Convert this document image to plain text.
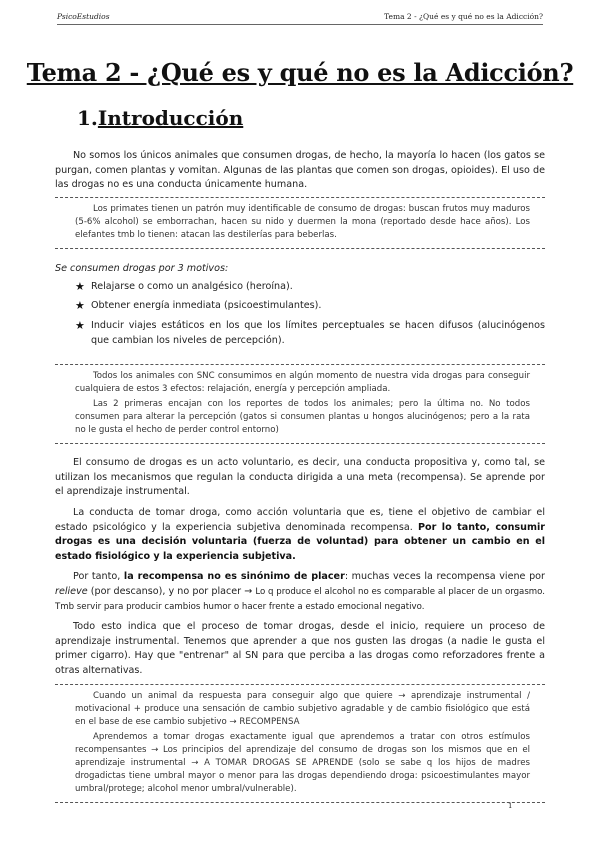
PsicoEstudios	Tema 2 - ¿Qué es y qué no es la Adicción?
Tema 2 - ¿Qué es y qué no es la Adicción?
1.Introducción

No somos los únicos animales que consumen drogas, de hecho, la mayoría lo hacen (los gatos se purgan, comen plantas y vomitan. Algunas de las plantas que comen son drogas, opioides). El uso de las drogas no es una conducta únicamente humana.

Los primates tienen un patrón muy identificable de consumo de drogas: buscan frutos muy maduros (5-6% alcohol) se emborrachan, hacen su nido y duermen la mona (reportado desde hace años). Los elefantes tmb lo tienen: atacan las destilerías para beberlas.

Se consumen drogas por 3 motivos:
★ Relajarse o como un analgésico (heroína).
★ Obtener energía inmediata (psicoestimulantes).
★ Inducir viajes estáticos en los que los límites perceptuales se hacen difusos (alucinógenos que cambian los niveles de percepción).

Todos los animales con SNC consumimos en algún momento de nuestra vida drogas para conseguir cualquiera de estos 3 efectos: relajación, energía y percepción ampliada.

Las 2 primeras encajan con los reportes de todos los animales; pero la última no. No todos consumen para alterar la percepción (gatos si consumen plantas u hongos alucinógenos; pero a la rata no le gusta el hecho de perder control entorno)

El consumo de drogas es un acto voluntario, es decir, una conducta propositiva y, como tal, se utilizan los mecanismos que regulan la conducta dirigida a una meta (recompensa). Se aprende por el aprendizaje instrumental.

La conducta de tomar droga, como acción voluntaria que es, tiene el objetivo de cambiar el estado psicológico y la experiencia subjetiva denominada recompensa. Por lo tanto, consumir drogas es una decisión voluntaria (fuerza de voluntad) para obtener un cambio en el estado fisiológico y la experiencia subjetiva.

Por tanto, la recompensa no es sinónimo de placer: muchas veces la recompensa viene por relieve (por descanso), y no por placer → Lo q produce el alcohol no es comparable al placer de un orgasmo. Tmb servir para producir cambios humor o hacer frente a estado emocional negativo.

Todo esto indica que el proceso de tomar drogas, desde el inicio, requiere un proceso de aprendizaje instrumental. Tenemos que aprender a que nos gusten las drogas (a nadie le gusta el primer cigarro). Hay que "entrenar" al SN para que perciba a las drogas como reforzadores frente a otras alternativas.

Cuando un animal da respuesta para conseguir algo que quiere → aprendizaje instrumental / motivacional + produce una sensación de cambio subjetivo agradable y de cambio fisiológico que está en el base de ese cambio subjetivo → RECOMPENSA

Aprendemos a tomar drogas exactamente igual que aprendemos a tratar con otros estímulos recompensantes → Los principios del aprendizaje del consumo de drogas son los mismos que en el aprendizaje instrumental → A TOMAR DROGAS SE APRENDE (solo se sabe q los hijos de madres drogadictas tiene umbral mayor o menor para las drogas dependiendo droga: psicoestimulantes mayor umbral/protege; alcohol menor umbral/vulnerable).

1
